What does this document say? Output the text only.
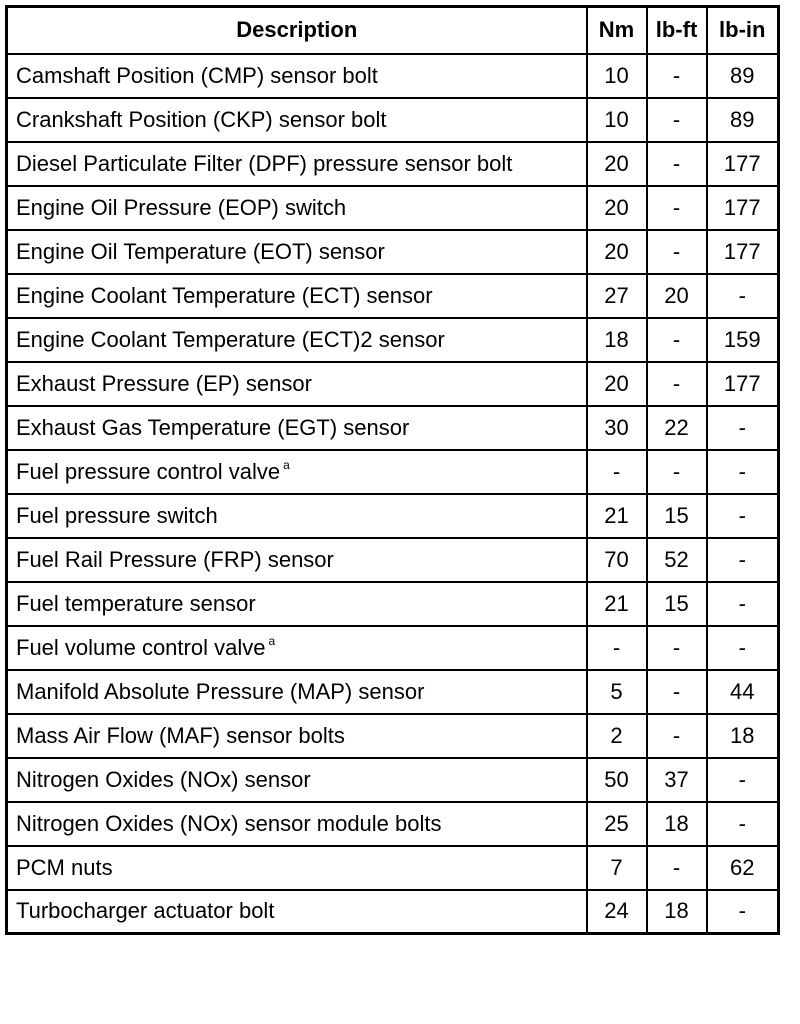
Description	Nm	lb-ft	lb-in
Camshaft Position (CMP) sensor bolt	10	-	89
Crankshaft Position (CKP) sensor bolt	10	-	89
Diesel Particulate Filter (DPF) pressure sensor bolt	20	-	177
Engine Oil Pressure (EOP) switch	20	-	177
Engine Oil Temperature (EOT) sensor	20	-	177
Engine Coolant Temperature (ECT) sensor	27	20	-
Engine Coolant Temperature (ECT)2 sensor	18	-	159
Exhaust Pressure (EP) sensor	20	-	177
Exhaust Gas Temperature (EGT) sensor	30	22	-
Fuel pressure control valve $^a$	-	-	-
Fuel pressure switch	21	15	-
Fuel Rail Pressure (FRP) sensor	70	52	-
Fuel temperature sensor	21	15	-
Fuel volume control valve $^a$	-	-	-
Manifold Absolute Pressure (MAP) sensor	5	-	44
Mass Air Flow (MAF) sensor bolts	2	-	18
Nitrogen Oxides (NOx) sensor	50	37	-
Nitrogen Oxides (NOx) sensor module bolts	25	18	-
PCM nuts	7	-	62
Turbocharger actuator bolt	24	18	-
